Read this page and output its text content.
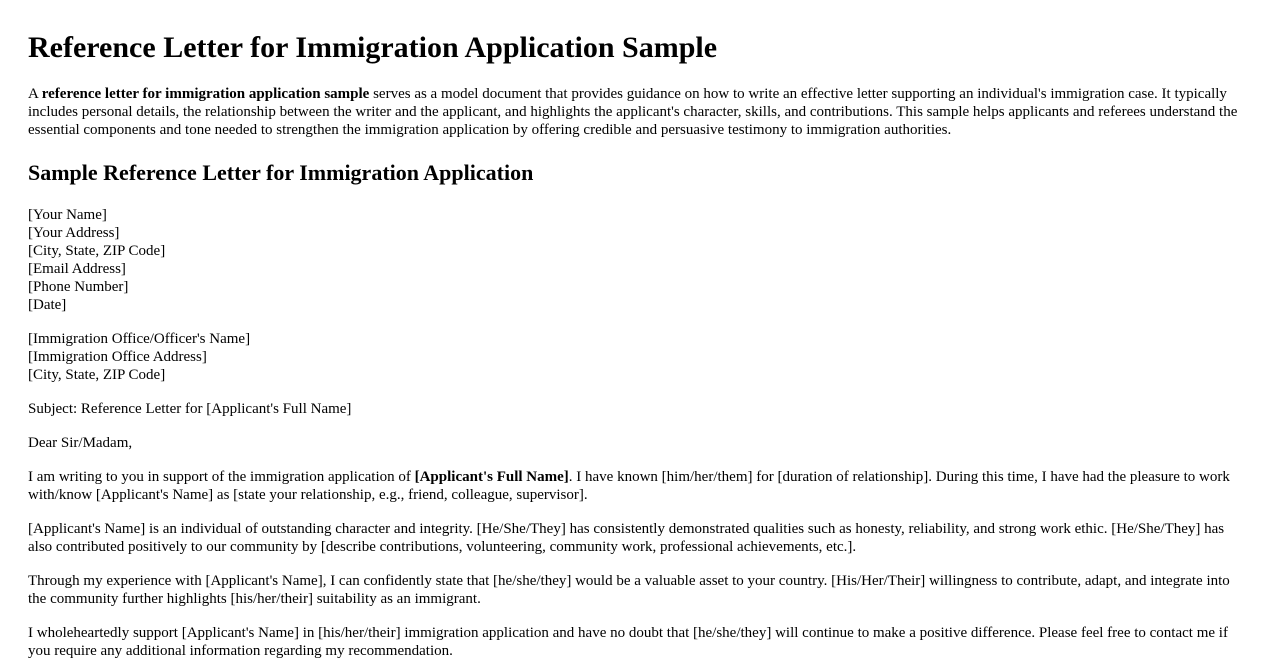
Reference Letter for Immigration Application Sample

A reference letter for immigration application sample serves as a model document that provides guidance on how to write an effective letter supporting an individual's immigration case. It typically includes personal details, the relationship between the writer and the applicant, and highlights the applicant's character, skills, and contributions. This sample helps applicants and referees understand the essential components and tone needed to strengthen the immigration application by offering credible and persuasive testimony to immigration authorities.

Sample Reference Letter for Immigration Application
[Your Name]
[Your Address]
[City, State, ZIP Code]
[Email Address]
[Phone Number]
[Date]
[Immigration Office/Officer's Name]
[Immigration Office Address]
[City, State, ZIP Code]

Subject: Reference Letter for [Applicant's Full Name]

Dear Sir/Madam,

I am writing to you in support of the immigration application of [Applicant's Full Name]. I have known [him/her/them] for [duration of relationship]. During this time, I have had the pleasure to work with/know [Applicant's Name] as [state your relationship, e.g., friend, colleague, supervisor].

[Applicant's Name] is an individual of outstanding character and integrity. [He/She/They] has consistently demonstrated qualities such as honesty, reliability, and strong work ethic. [He/She/They] has also contributed positively to our community by [describe contributions, volunteering, community work, professional achievements, etc.].

Through my experience with [Applicant's Name], I can confidently state that [he/she/they] would be a valuable asset to your country. [His/Her/Their] willingness to contribute, adapt, and integrate into the community further highlights [his/her/their] suitability as an immigrant.

I wholeheartedly support [Applicant's Name] in [his/her/their] immigration application and have no doubt that [he/she/they] will continue to make a positive difference. Please feel free to contact me if you require any additional information regarding my recommendation.
